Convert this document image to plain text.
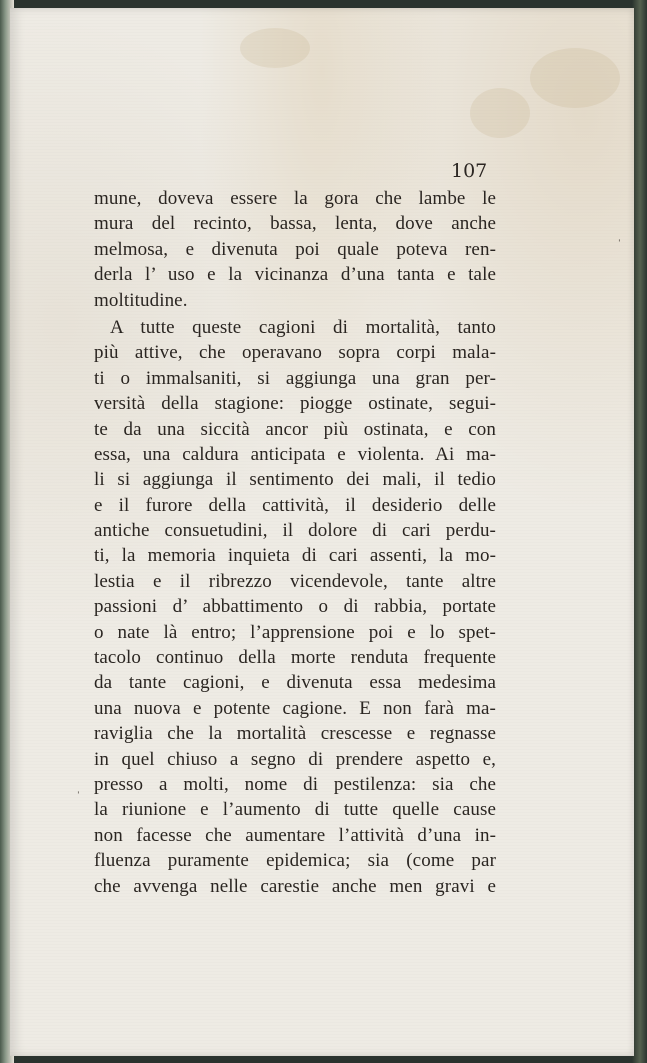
107

ˈ
ˈ
mune, doveva essere la gora che lambe le
mura del recinto, bassa, lenta, dove anche
melmosa, e divenuta poi quale poteva ren-
derla l’ uso e la vicinanza d’una tanta e tale
moltitudine.
A tutte queste cagioni di mortalità, tanto
più attive, che operavano sopra corpi mala-
ti o immalsaniti, si aggiunga una gran per-
versità della stagione: piogge ostinate, segui-
te da una siccità ancor più ostinata, e con
essa, una caldura anticipata e violenta. Ai ma-
li si aggiunga il sentimento dei mali, il tedio
e il furore della cattività, il desiderio delle
antiche consuetudini, il dolore di cari perdu-
ti, la memoria inquieta di cari assenti, la mo-
lestia e il ribrezzo vicendevole, tante altre
passioni d’ abbattimento o di rabbia, portate
o nate là entro; l’apprensione poi e lo spet-
tacolo continuo della morte renduta frequente
da tante cagioni, e divenuta essa medesima
una nuova e potente cagione. E non farà ma-
raviglia che la mortalità crescesse e regnasse
in quel chiuso a segno di prendere aspetto e,
presso a molti, nome di pestilenza: sia che
la riunione e l’aumento di tutte quelle cause
non facesse che aumentare l’attività d’una in-
fluenza puramente epidemica; sia (come par
che avvenga nelle carestie anche men gravi e
